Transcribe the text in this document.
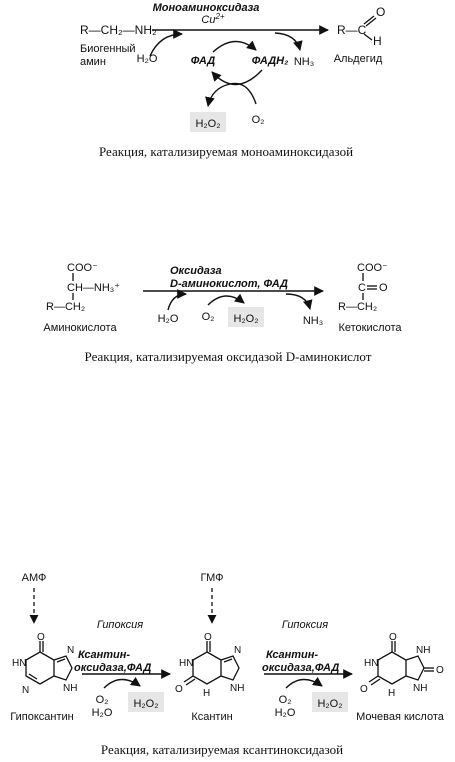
R—CH₂—NH₂
Биогенный
амин
Моноаминоксидаза
$Cu^{2+}$
R—C
O
H
Альдегид
H₂O	ФАД	ФАДН₂ NH₃
H₂O₂	O₂
Реакция, катализируемая моноаминоксидазой
COO⁻
CH—NH₃⁺
R—CH₂
Аминокислота
Оксидаза
D-аминокислот, ФАД
COO⁻
C O
R—CH₂
Кетокислота
H₂O O₂ H₂O₂	NH₃
Реакция, катализируемая оксидазой D-аминокислот
АМФ	ГМФ
Гипоксия	Гипоксия
O
HN
N
N
NH
Гипоксантин
Ксантин-
оксидаза,ФАД
O₂
H₂O
H₂O₂
O
O
HN
H
N
NH
Ксантин
Ксантин-
оксидаза,ФАД
O₂
H₂O
H₂O₂
O
O
O
HN
H
NH
NH
Мочевая кислота
Реакция, катализируемая ксантиноксидазой
